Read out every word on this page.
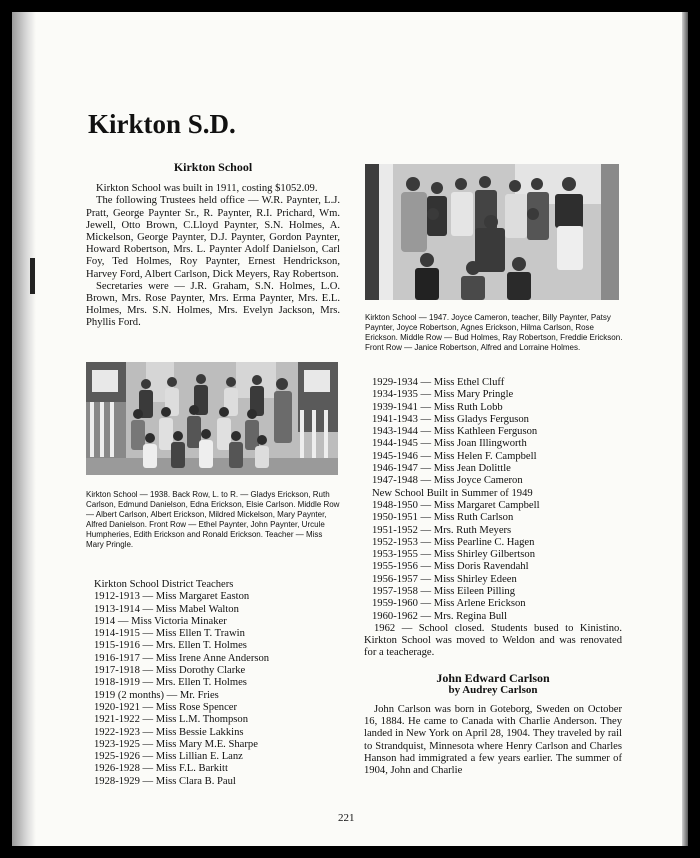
Kirkton S.D.

Kirkton School

Kirkton School was built in 1911, costing $1052.09.

The following Trustees held office — W.R. Paynter, L.J. Pratt, George Paynter Sr., R. Paynter, R.I. Prichard, Wm. Jewell, Otto Brown, C.Lloyd Paynter, S.N. Holmes, A. Mickelson, George Paynter, D.J. Paynter, Gordon Paynter, Howard Robertson, Mrs. L. Paynter Adolf Danielson, Carl Foy, Ted Holmes, Roy Paynter, Ernest Hendrickson, Harvey Ford, Albert Carlson, Dick Meyers, Ray Robertson.

Secretaries were — J.R. Graham, S.N. Holmes, L.O. Brown, Mrs. Rose Paynter, Mrs. Erma Paynter, Mrs. E.L. Holmes, Mrs. S.N. Holmes, Mrs. Evelyn Jackson, Mrs. Phyllis Ford.

Kirkton School — 1938. Back Row, L. to R. — Gladys Erickson, Ruth Carlson, Edmund Danielson, Edna Erickson, Elsie Carlson. Middle Row — Albert Carlson, Albert Erickson, Mildred Mickelson, Mary Paynter, Alfred Danielson. Front Row — Ethel Paynter, John Paynter, Urcule Humpheries, Edith Erickson and Ronald Erickson. Teacher — Miss Mary Pringle.

Kirkton School District Teachers

1912-1913 — Miss Margaret Easton
1913-1914 — Miss Mabel Walton
1914 — Miss Victoria Minaker
1914-1915 — Miss Ellen T. Trawin
1915-1916 — Mrs. Ellen T. Holmes
1916-1917 — Miss Irene Anne Anderson
1917-1918 — Miss Dorothy Clarke
1918-1919 — Mrs. Ellen T. Holmes
1919 (2 months) — Mr. Fries
1920-1921 — Miss Rose Spencer
1921-1922 — Miss L.M. Thompson
1922-1923 — Miss Bessie Lakkins
1923-1925 — Miss Mary M.E. Sharpe
1925-1926 — Miss Lillian E. Lanz
1926-1928 — Miss F.L. Barkitt
1928-1929 — Miss Clara B. Paul

Kirkton School — 1947. Joyce Cameron, teacher, Billy Paynter, Patsy Paynter, Joyce Robertson, Agnes Erickson, Hilma Carlson, Rose Erickson. Middle Row — Bud Holmes, Ray Robertson, Freddie Erickson. Front Row — Janice Robertson, Alfred and Lorraine Holmes.

1929-1934 — Miss Ethel Cluff
1934-1935 — Miss Mary Pringle
1939-1941 — Miss Ruth Lobb
1941-1943 — Miss Gladys Ferguson
1943-1944 — Miss Kathleen Ferguson
1944-1945 — Miss Joan Illingworth
1945-1946 — Miss Helen F. Campbell
1946-1947 — Miss Jean Dolittle
1947-1948 — Miss Joyce Cameron
New School Built in Summer of 1949
1948-1950 — Miss Margaret Campbell
1950-1951 — Miss Ruth Carlson
1951-1952 — Mrs. Ruth Meyers
1952-1953 — Miss Pearline C. Hagen
1953-1955 — Miss Shirley Gilbertson
1955-1956 — Miss Doris Ravendahl
1956-1957 — Miss Shirley Edeen
1957-1958 — Miss Eileen Pilling
1959-1960 — Miss Arlene Erickson
1960-1962 — Mrs. Regina Bull

1962 — School closed. Students bused to Kinistino. Kirkton School was moved to Weldon and was renovated for a teacherage.

John Edward Carlson

by Audrey Carlson

John Carlson was born in Goteborg, Sweden on October 16, 1884. He came to Canada with Charlie Anderson. They landed in New York on April 28, 1904. They traveled by rail to Strandquist, Minnesota where Henry Carlson and Charles Hanson had immigrated a few years earlier. The summer of 1904, John and Charlie

221
